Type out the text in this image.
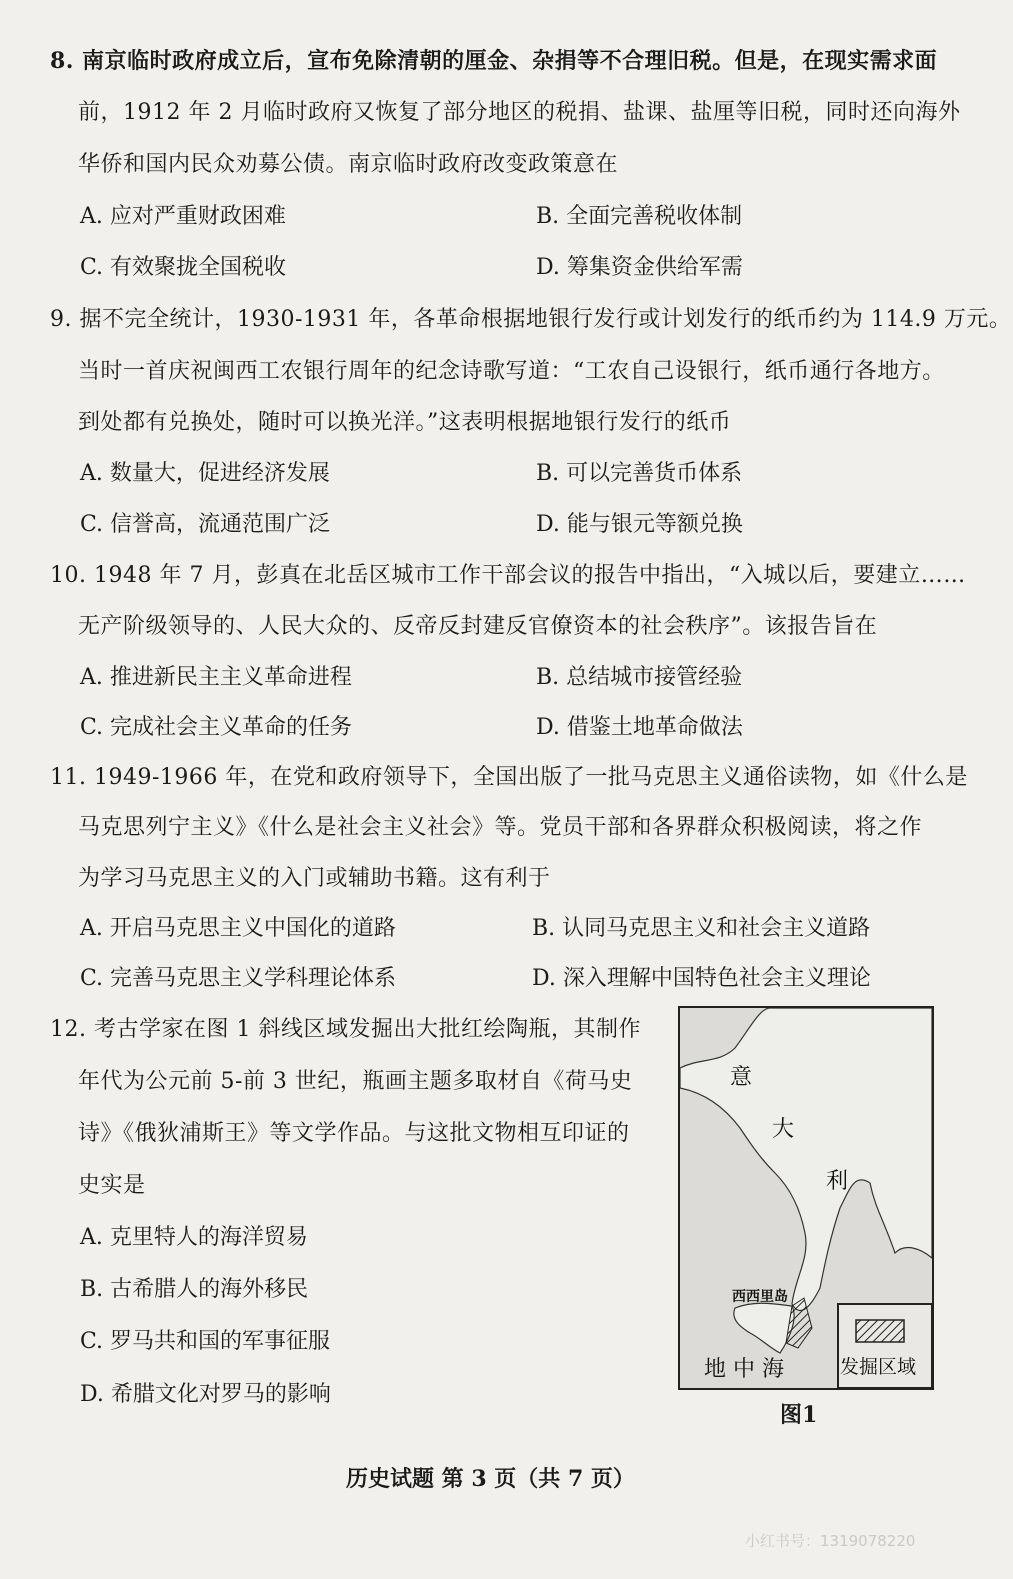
8. 南京临时政府成立后，宣布免除清朝的厘金、杂捐等不合理旧税。但是，在现实需求面
前，1912 年 2 月临时政府又恢复了部分地区的税捐、盐课、盐厘等旧税，同时还向海外
华侨和国内民众劝募公债。南京临时政府改变政策意在
A. 应对严重财政困难	B. 全面完善税收体制
C. 有效聚拢全国税收	D. 筹集资金供给军需
9. 据不完全统计，1930-1931 年，各革命根据地银行发行或计划发行的纸币约为 114.9 万元。
当时一首庆祝闽西工农银行周年的纪念诗歌写道：“工农自己设银行，纸币通行各地方。
到处都有兑换处，随时可以换光洋。”这表明根据地银行发行的纸币
A. 数量大，促进经济发展	B. 可以完善货币体系
C. 信誉高，流通范围广泛	D. 能与银元等额兑换
10. 1948 年 7 月，彭真在北岳区城市工作干部会议的报告中指出，“入城以后，要建立……
无产阶级领导的、人民大众的、反帝反封建反官僚资本的社会秩序”。该报告旨在
A. 推进新民主主义革命进程	B. 总结城市接管经验
C. 完成社会主义革命的任务	D. 借鉴土地革命做法
11. 1949-1966 年，在党和政府领导下，全国出版了一批马克思主义通俗读物，如《什么是
马克思列宁主义》《什么是社会主义社会》等。党员干部和各界群众积极阅读，将之作
为学习马克思主义的入门或辅助书籍。这有利于
A. 开启马克思主义中国化的道路	B. 认同马克思主义和社会主义道路
C. 完善马克思主义学科理论体系	D. 深入理解中国特色社会主义理论
12. 考古学家在图 1 斜线区域发掘出大批红绘陶瓶，其制作
年代为公元前 5-前 3 世纪，瓶画主题多取材自《荷马史
诗》《俄狄浦斯王》等文学作品。与这批文物相互印证的
史实是
A. 克里特人的海洋贸易
B. 古希腊人的海外移民
C. 罗马共和国的军事征服
D. 希腊文化对罗马的影响
意
大
利
西西里岛
地 中 海	发掘区域
图1
历史试题 第 3 页（共 7 页）
小红书号：1319078220
